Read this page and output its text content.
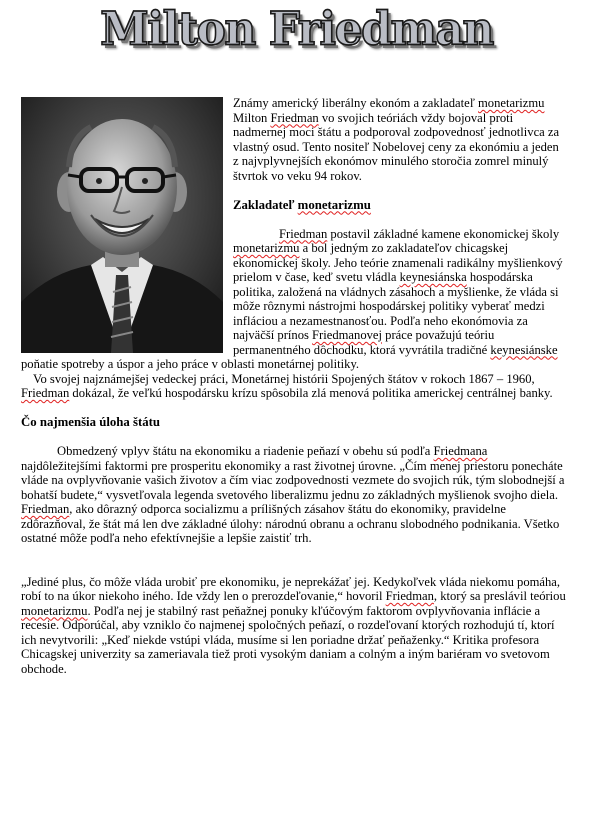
Milton Friedman

Známy americký liberálny ekonóm a zakladateľ monetarizmu Milton Friedman vo svojich teóriách vždy bojoval proti nadmernej moci štátu a podporoval zodpovednosť jednotlivca za vlastný osud. Tento nositeľ Nobelovej ceny za ekonómiu a jeden z najvplyvnejších ekonómov minulého storočia zomrel minulý štvrtok vo veku 94 rokov.

Zakladateľ monetarizmu

Friedman postavil základné kamene ekonomickej školy monetarizmu a bol jedným zo zakladateľov chicagskej ekonomickej školy. Jeho teórie znamenali radikálny myšlienkový prielom v čase, keď svetu vládla keynesiánska hospodárska politika, založená na vládnych zásahoch a myšlienke, že vláda si môže rôznymi nástrojmi hospodárskej politiky vyberať medzi infláciou a nezamestnanosťou. Podľa neho ekonómovia za najväčší prínos Friedmanovej práce považujú teóriu permanentného dôchodku, ktorá vyvrátila tradičné keynesiánske poňatie spotreby a úspor a jeho práce v oblasti monetárnej politiky.

Vo svojej najznámejšej vedeckej práci, Monetárnej histórii Spojených štátov v rokoch 1867 – 1960, Friedman dokázal, že veľkú hospodársku krízu spôsobila zlá menová politika americkej centrálnej banky.

Čo najmenšia úloha štátu

Obmedzený vplyv štátu na ekonomiku a riadenie peňazí v obehu sú podľa Friedmana najdôležitejšími faktormi pre prosperitu ekonomiky a rast životnej úrovne. „Čím menej priestoru ponecháte vláde na ovplyvňovanie vašich životov a čím viac zodpovednosti vezmete do svojich rúk, tým slobodnejší a bohatší budete,“ vysvetľovala legenda svetového liberalizmu jednu zo základných myšlienok svojho diela. Friedman, ako dôrazný odporca socializmu a prílišných zásahov štátu do ekonomiky, pravidelne zdôrazňoval, že štát má len dve základné úlohy: národnú obranu a ochranu slobodného podnikania. Všetko ostatné môže podľa neho efektívnejšie a lepšie zaistiť trh.

„Jediné plus, čo môže vláda urobiť pre ekonomiku, je neprekážať jej. Kedykoľvek vláda niekomu pomáha, robí to na úkor niekoho iného. Ide vždy len o prerozdeľovanie,“ hovoril Friedman, ktorý sa preslávil teóriou monetarizmu. Podľa nej je stabilný rast peňažnej ponuky kľúčovým faktorom ovplyvňovania inflácie a recesie. Odporúčal, aby vzniklo čo najmenej spoločných peňazí, o rozdeľovaní ktorých rozhodujú tí, ktorí ich nevytvorili: „Keď niekde vstúpi vláda, musíme si len poriadne držať peňaženky.“ Kritika profesora Chicagskej univerzity sa zameriavala tiež proti vysokým daniam a colným a iným bariéram vo svetovom obchode.
